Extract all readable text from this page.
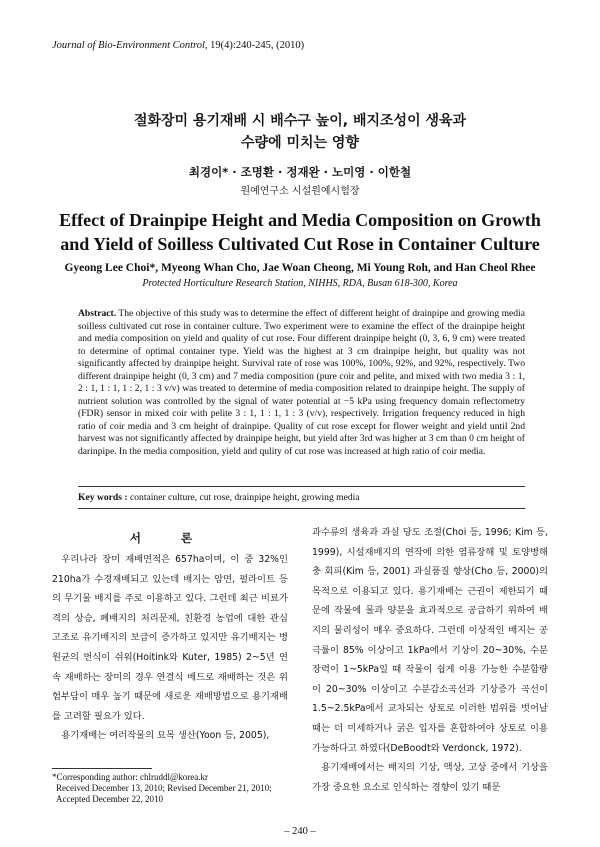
Journal of Bio-Environment Control, 19(4):240-245, (2010)
절화장미 용기재배 시 배수구 높이, 배지조성이 생육과
수량에 미치는 영향
최경이* · 조명환 · 정재완 · 노미영 · 이한철
원예연구소 시설원예시험장
Effect of Drainpipe Height and Media Composition on Growth
and Yield of Soilless Cultivated Cut Rose in Container Culture
Gyeong Lee Choi*, Myeong Whan Cho, Jae Woan Cheong, Mi Young Roh, and Han Cheol Rhee
Protected Horticulture Research Station, NIHHS, RDA, Busan 618-300, Korea
Abstract. The objective of this study was to determine the effect of different height of drainpipe and growing media soilless cultivated cut rose in container culture. Two experiment were to examine the effect of the drainpipe height and media composition on yield and quality of cut rose. Four different drainpipe height (0, 3, 6, 9 cm) were treated to determine of optimal container type. Yield was the highest at 3 cm drainpipe height, but quality was not significantly affected by drainpipe height. Survival rate of rose was 100%, 100%, 92%, and 92%, respectively. Two different drainpipe height (0, 3 cm) and 7 media composition (pure coir and pelite, and mixed with two media 3 : 1, 2 : 1, 1 : 1, 1 : 2, 1 : 3 v/v) was treated to determine of media composition related to drainpipe height. The supply of nutrient solution was controlled by the signal of water potential at −5 kPa using frequency domain reflectometry (FDR) sensor in mixed coir with pelite 3 : 1, 1 : 1, 1 : 3 (v/v), respectively. Irrigation frequency reduced in high ratio of coir media and 3 cm height of drainpipe. Quality of cut rose except for flower weight and yield until 2nd harvest was not significantly affected by drainpipe height, but yield after 3rd was higher at 3 cm than 0 cm height of darinpipe. In the media composition, yield and qulity of cut rose was increased at high ratio of coir media.
Key words : container culture, cut rose, drainpipe height, growing media
서 론

우리나라 장미 재배면적은 657ha이며, 이 중 32%인 210ha가 수경재배되고 있는데 배지는 암면, 펄라이트 등의 무기물 배지를 주로 이용하고 있다. 그런데 최근 비료가격의 상승, 폐배지의 처리문제, 친환경 농업에 대한 관심 고조로 유기배지의 보급이 증가하고 있지만 유기배지는 병원균의 번식이 쉬워(Hoitink와 Kuter, 1985) 2~5년 연속 재배하는 장미의 경우 연결식 베드로 재배하는 것은 위험부담이 매우 높기 때문에 새로운 재배방법으로 용기재배를 고려할 필요가 있다.

용기재배는 여러작물의 묘목 생산(Yoon 등, 2005),

과수류의 생육과 과실 당도 조절(Choi 등, 1996; Kim 등, 1999), 시설재배지의 연작에 의한 염류장해 및 토양병해충 회피(Kim 등, 2001) 과실품질 향상(Cho 등, 2000)의 목적으로 이용되고 있다. 용기재배는 근권이 제한되기 때문에 작물에 물과 양분을 효과적으로 공급하기 위하여 배지의 물리성이 매우 중요하다. 그런데 이상적인 배지는 공극률이 85% 이상이고 1kPa에서 기상이 20~30%, 수분장력이 1~5kPa일 때 작물이 쉽게 이용 가능한 수분함량이 20~30% 이상이고 수분감소곡선과 기상증가 곡선이 1.5~2.5kPa에서 교차되는 상토로 이러한 범위를 벗어날 때는 더 미세하거나 굵은 입자를 혼합하여야 상토로 이용가능하다고 하였다(DeBoodt와 Verdonck, 1972).

용기재배에서는 배지의 기상, 액상, 고상 중에서 기상을 가장 중요한 요소로 인식하는 경향이 있기 때문

*Corresponding author: chlruddl@korea.kr
Received December 13, 2010; Revised December 21, 2010;
Accepted December 22, 2010
– 240 –
